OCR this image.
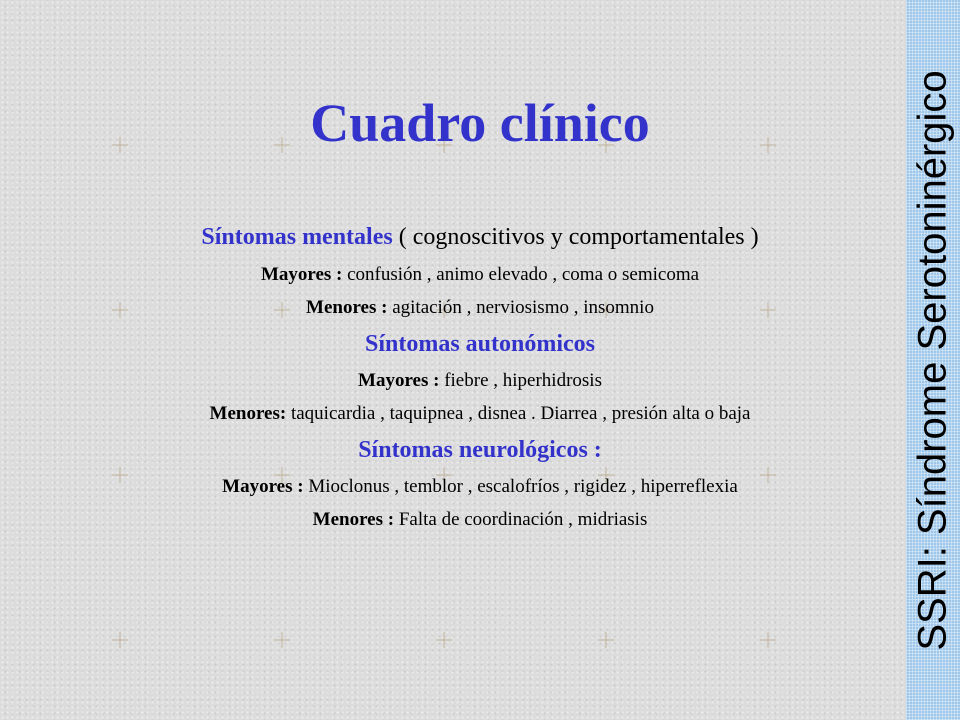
SSRI: Síndrome Serotoninérgico
Cuadro clínico

Síntomas mentales ( cognoscitivos y comportamentales )

Mayores : confusión , animo elevado , coma o semicoma

Menores : agitación , nerviosismo , insomnio

Síntomas autonómicos

Mayores : fiebre , hiperhidrosis

Menores: taquicardia , taquipnea , disnea . Diarrea , presión alta o baja

Síntomas neurológicos :

Mayores : Mioclonus , temblor , escalofríos , rigidez , hiperreflexia

Menores : Falta de coordinación , midriasis
